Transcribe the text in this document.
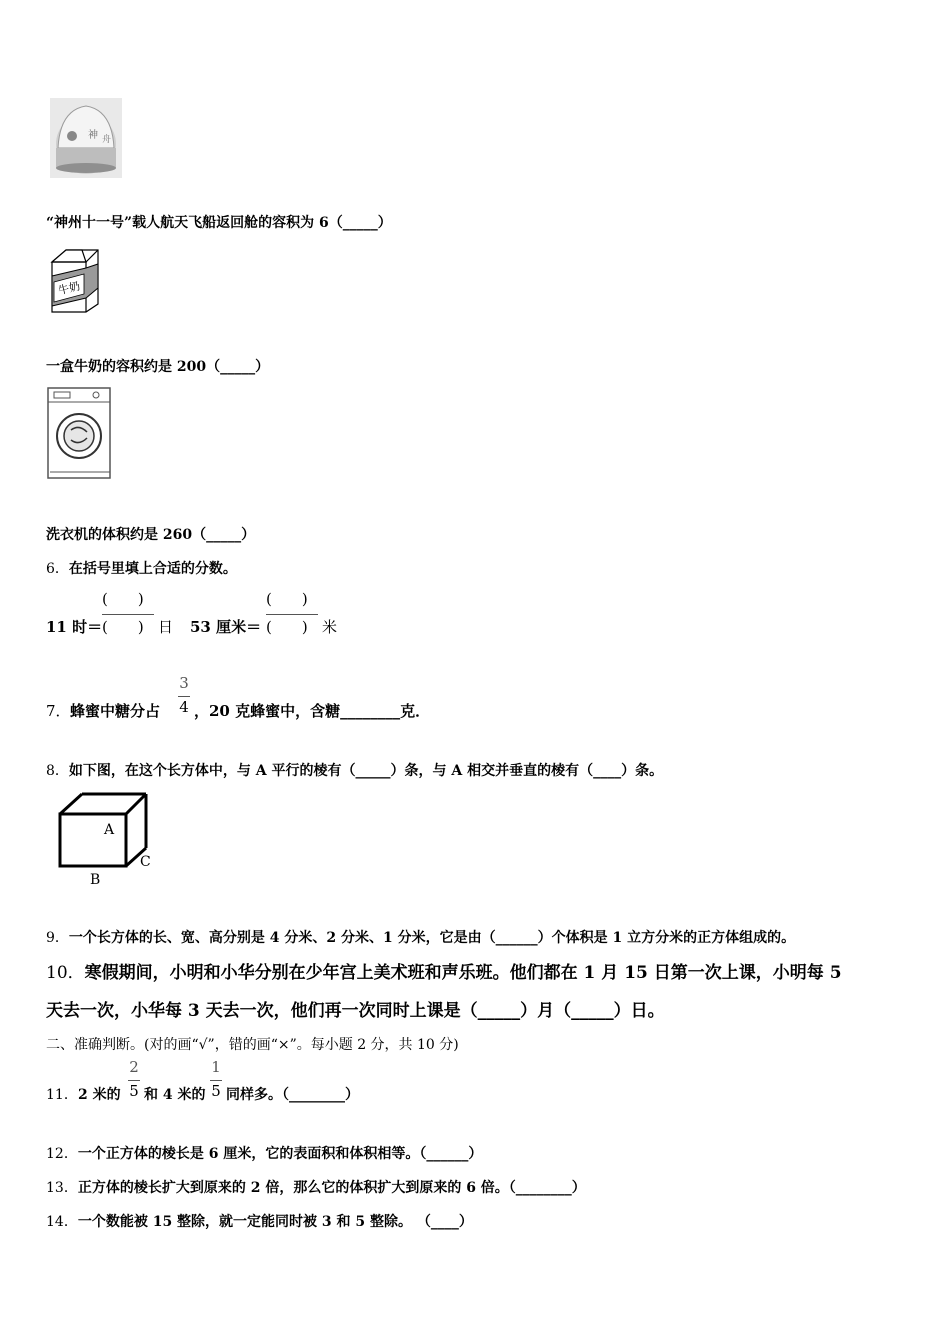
神 舟
“神州十一号”载人航天飞船返回舱的容积为 6（_____）
牛奶
一盒牛奶的容积约是 200（_____）
洗衣机的体积约是 260（_____）
6．在括号里填上合适的分数。
11 时＝
(　　)
(　　) 日 53 厘米＝
(　　)
(　　) 米
7． 蜂蜜中糖分占
3
4 ，20 克蜂蜜中，含糖________克．
8．如下图，在这个长方体中，与 A 平行的棱有（_____）条，与 A 相交并垂直的棱有（____）条。
A
B
C
9．一个长方体的长、宽、高分别是 4 分米、2 分米、1 分米，它是由（______）个体积是 1 立方分米的正方体组成的。
10．寒假期间，小明和小华分别在少年宫上美术班和声乐班。他们都在 1 月 15 日第一次上课，小明每 5
天去一次，小华每 3 天去一次，他们再一次同时上课是（_____）月（_____）日。
二、准确判断。(对的画“√”，错的画“×”。每小题 2 分，共 10 分)
11． 2 米的
2
5 和 4 米的
1
5 同样多。（________）
12．一个正方体的棱长是 6 厘米，它的表面积和体积相等。（______）
13．正方体的棱长扩大到原来的 2 倍，那么它的体积扩大到原来的 6 倍。（________）
14．一个数能被 15 整除，就一定能同时被 3 和 5 整除。 （____）
